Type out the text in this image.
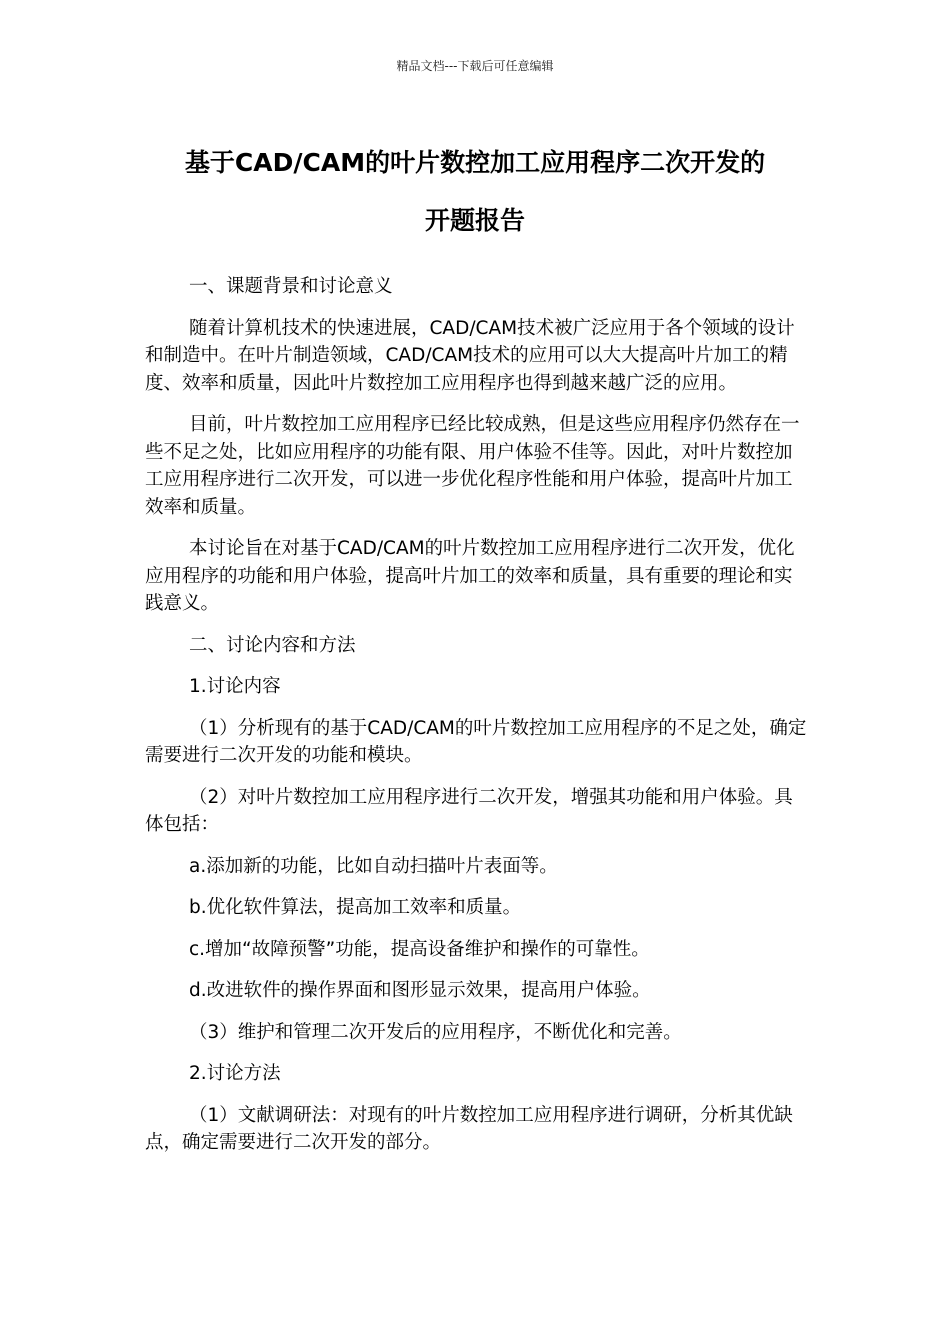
精品文档---下载后可任意编辑
基于CAD/CAM的叶片数控加工应用程序二次开发的
开题报告

一、课题背景和讨论意义

随着计算机技术的快速进展，CAD/CAM技术被广泛应用于各个领域的设计和制造中。在叶片制造领域，CAD/CAM技术的应用可以大大提高叶片加工的精度、效率和质量，因此叶片数控加工应用程序也得到越来越广泛的应用。

目前，叶片数控加工应用程序已经比较成熟，但是这些应用程序仍然存在一些不足之处，比如应用程序的功能有限、用户体验不佳等。因此，对叶片数控加工应用程序进行二次开发，可以进一步优化程序性能和用户体验，提高叶片加工效率和质量。

本讨论旨在对基于CAD/CAM的叶片数控加工应用程序进行二次开发，优化应用程序的功能和用户体验，提高叶片加工的效率和质量，具有重要的理论和实践意义。

二、讨论内容和方法

1.讨论内容

（1）分析现有的基于CAD/CAM的叶片数控加工应用程序的不足之处，确定需要进行二次开发的功能和模块。

（2）对叶片数控加工应用程序进行二次开发，增强其功能和用户体验。具体包括：

a.添加新的功能，比如自动扫描叶片表面等。

b.优化软件算法，提高加工效率和质量。

c.增加“故障预警”功能，提高设备维护和操作的可靠性。

d.改进软件的操作界面和图形显示效果，提高用户体验。

（3）维护和管理二次开发后的应用程序，不断优化和完善。

2.讨论方法

（1）文献调研法：对现有的叶片数控加工应用程序进行调研，分析其优缺点，确定需要进行二次开发的部分。
